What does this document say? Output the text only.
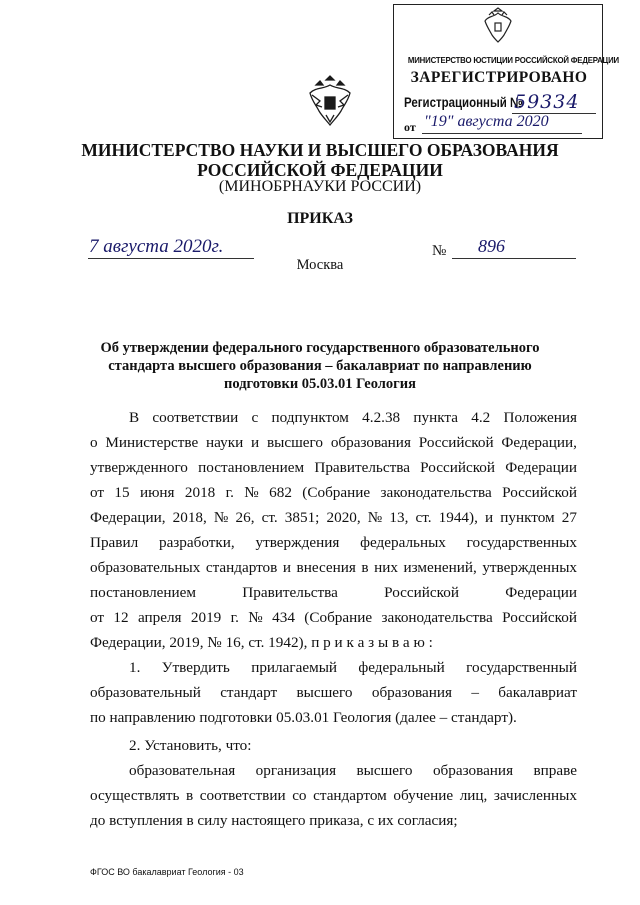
МИНИСТЕРСТВО ЮСТИЦИИ РОССИЙСКОЙ ФЕДЕРАЦИИ
ЗАРЕГИСТРИРОВАНО
Регистрационный №
59334
от "19" августа 2020
МИНИСТЕРСТВО НАУКИ И ВЫСШЕГО ОБРАЗОВАНИЯ
РОССИЙСКОЙ ФЕДЕРАЦИИ
(МИНОБРНАУКИ РОССИИ)
ПРИКАЗ
7 августа 2020г.	№ 896
Москва
Об утверждении федерального государственного образовательного
стандарта высшего образования – бакалавриат по направлению
подготовки 05.03.01 Геология
В соответствии с подпунктом 4.2.38 пункта 4.2 Положения
о Министерстве науки и высшего образования Российской Федерации,
утвержденного постановлением Правительства Российской Федерации
от 15 июня 2018 г. № 682 (Собрание законодательства Российской
Федерации, 2018, № 26, ст. 3851; 2020, № 13, ст. 1944), и пунктом 27
Правил разработки, утверждения федеральных государственных
образовательных стандартов и внесения в них изменений, утвержденных
постановлением	Правительства	Российской	Федерации
от 12 апреля 2019 г. № 434 (Собрание законодательства Российской
Федерации, 2019, № 16, ст. 1942), п р и к а з ы в а ю :
1. Утвердить прилагаемый федеральный государственный
образовательный стандарт высшего образования – бакалавриат
по направлению подготовки 05.03.01 Геология (далее – стандарт).
2. Установить, что:
образовательная организация высшего образования вправе
осуществлять в соответствии со стандартом обучение лиц, зачисленных
до вступления в силу настоящего приказа, с их согласия;
ФГОС ВО бакалавриат Геология - 03
